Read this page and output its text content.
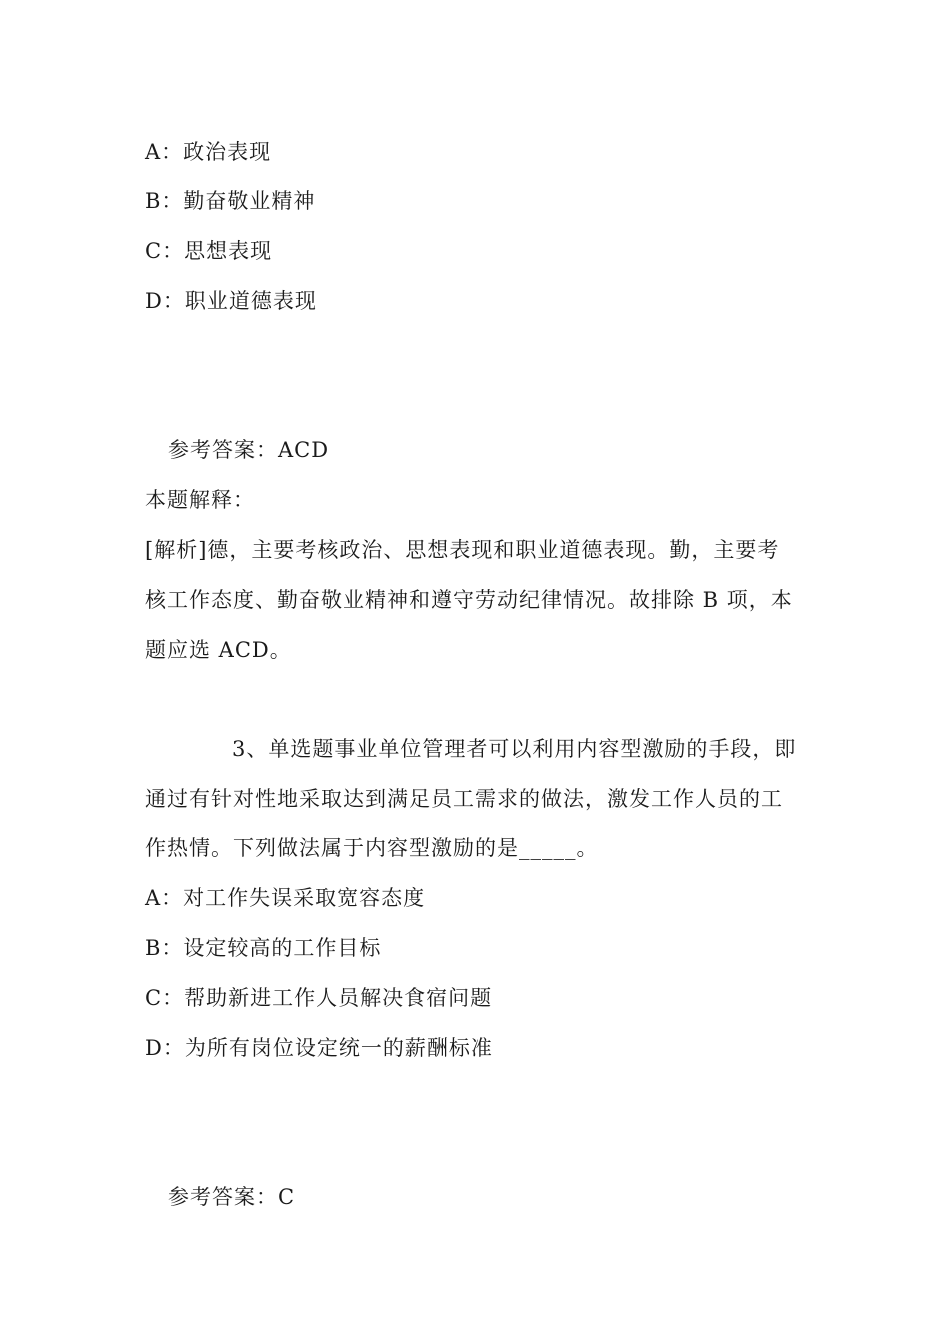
A：政治表现
B：勤奋敬业精神
C：思想表现
D：职业道德表现
参考答案：ACD
本题解释：
[解析]德，主要考核政治、思想表现和职业道德表现。勤，主要考
核工作态度、勤奋敬业精神和遵守劳动纪律情况。故排除 B 项，本
题应选 ACD。
3、单选题事业单位管理者可以利用内容型激励的手段，即
通过有针对性地采取达到满足员工需求的做法，激发工作人员的工
作热情。下列做法属于内容型激励的是_____。
A：对工作失误采取宽容态度
B：设定较高的工作目标
C：帮助新进工作人员解决食宿问题
D：为所有岗位设定统一的薪酬标准
参考答案：C
